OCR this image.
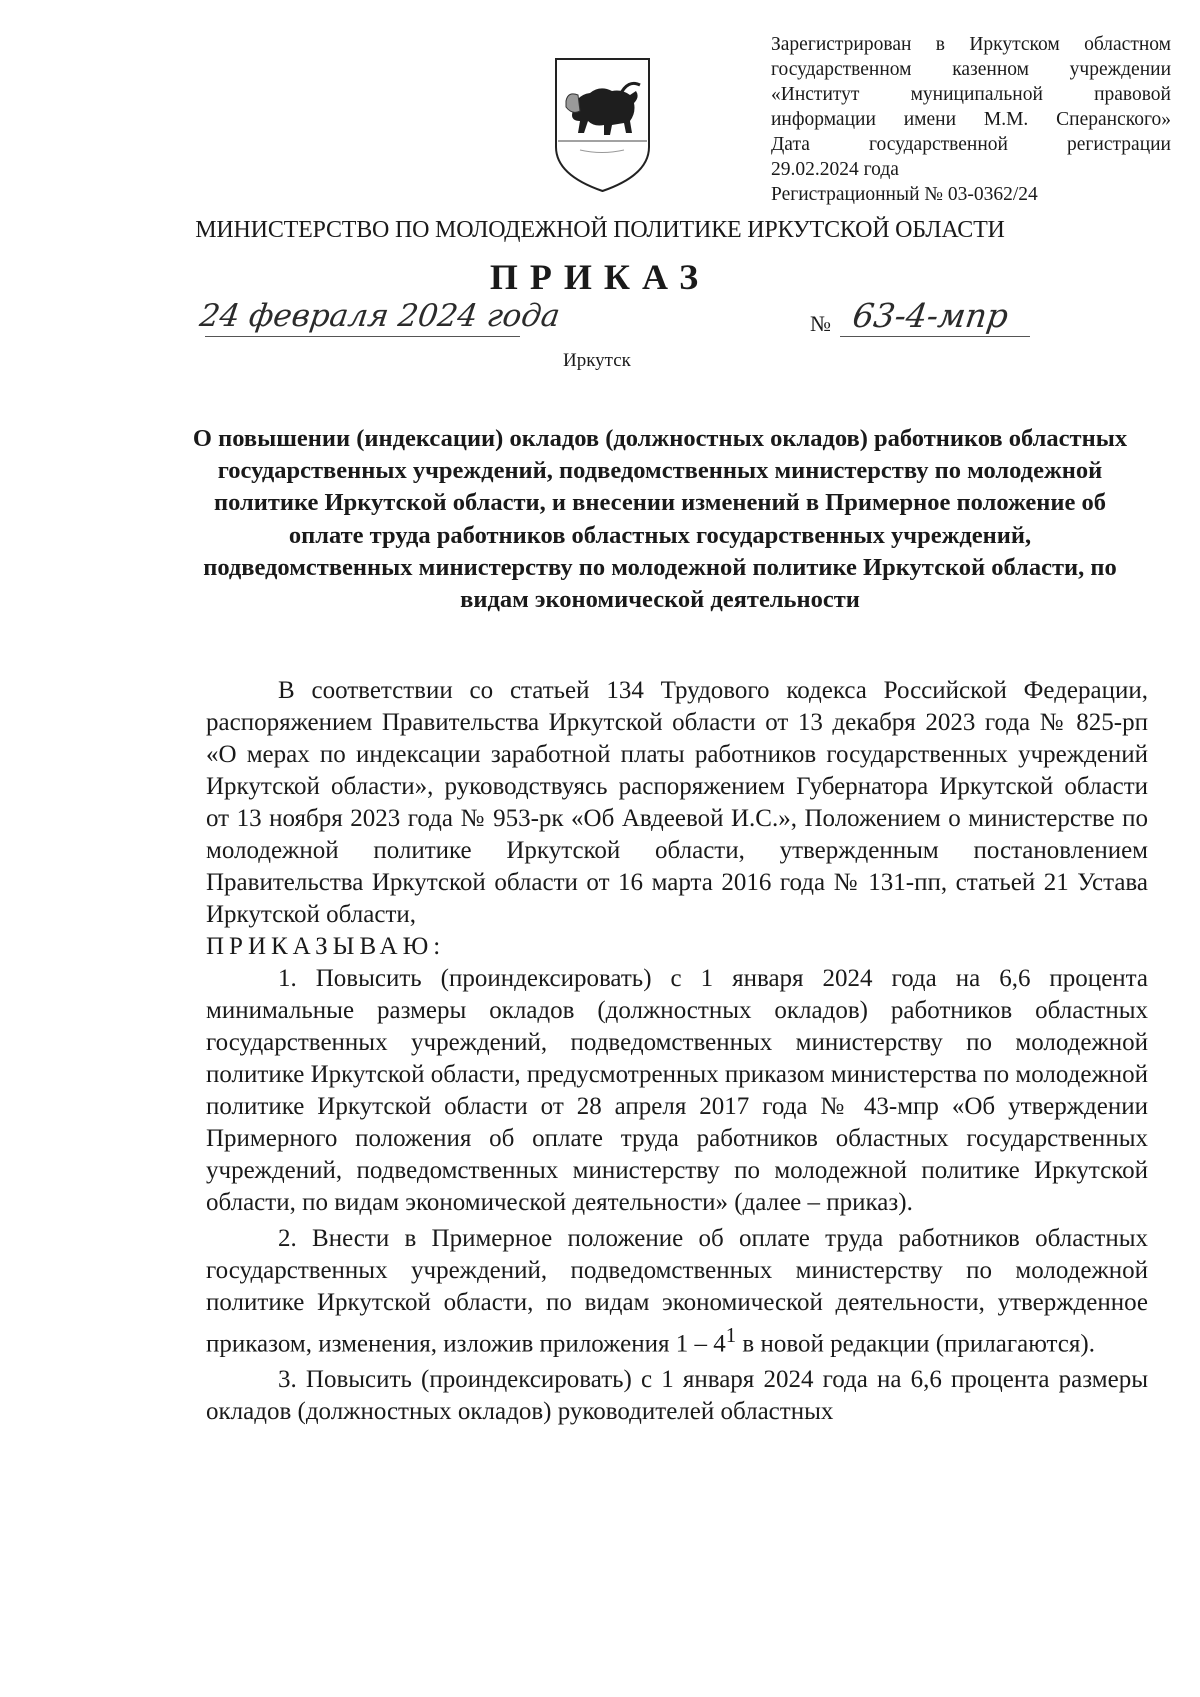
Зарегистрирован в Иркутском областном
государственном казенном учреждении
«Институт муниципальной правовой
информации имени М.М. Сперанского»
Дата государственной регистрации
29.02.2024 года
Регистрационный № 03-0362/24
МИНИСТЕРСТВО ПО МОЛОДЕЖНОЙ ПОЛИТИКЕ ИРКУТСКОЙ ОБЛАСТИ
ПРИКАЗ
24 февраля 2024 года	№ 63-4-мпр
Иркутск
О повышении (индексации) окладов (должностных окладов) работников областных государственных учреждений, подведомственных министерству по молодежной политике Иркутской области, и внесении изменений в Примерное положение об оплате труда работников областных государственных учреждений, подведомственных министерству по молодежной политике Иркутской области, по видам экономической деятельности

В соответствии со статьей 134 Трудового кодекса Российской Федерации, распоряжением Правительства Иркутской области от 13 декабря 2023 года № 825-рп «О мерах по индексации заработной платы работников государственных учреждений Иркутской области», руководствуясь распоряжением Губернатора Иркутской области от 13 ноября 2023 года № 953-рк «Об Авдеевой И.С.», Положением о министерстве по молодежной политике Иркутской области, утвержденным постановлением Правительства Иркутской области от 16 марта 2016 года № 131-пп, статьей 21 Устава Иркутской области,

ПРИКАЗЫВАЮ:

1. Повысить (проиндексировать) с 1 января 2024 года на 6,6 процента минимальные размеры окладов (должностных окладов) работников областных государственных учреждений, подведомственных министерству по молодежной политике Иркутской области, предусмотренных приказом министерства по молодежной политике Иркутской области от 28 апреля 2017 года № 43-мпр «Об утверждении Примерного положения об оплате труда работников областных государственных учреждений, подведомственных министерству по молодежной политике Иркутской области, по видам экономической деятельности» (далее – приказ).

2. Внести в Примерное положение об оплате труда работников областных государственных учреждений, подведомственных министерству по молодежной политике Иркутской области, по видам экономической деятельности, утвержденное приказом, изменения, изложив приложения $1 - 4^1$ в новой редакции (прилагаются).

3. Повысить (проиндексировать) с 1 января 2024 года на 6,6 процента размеры окладов (должностных окладов) руководителей областных
